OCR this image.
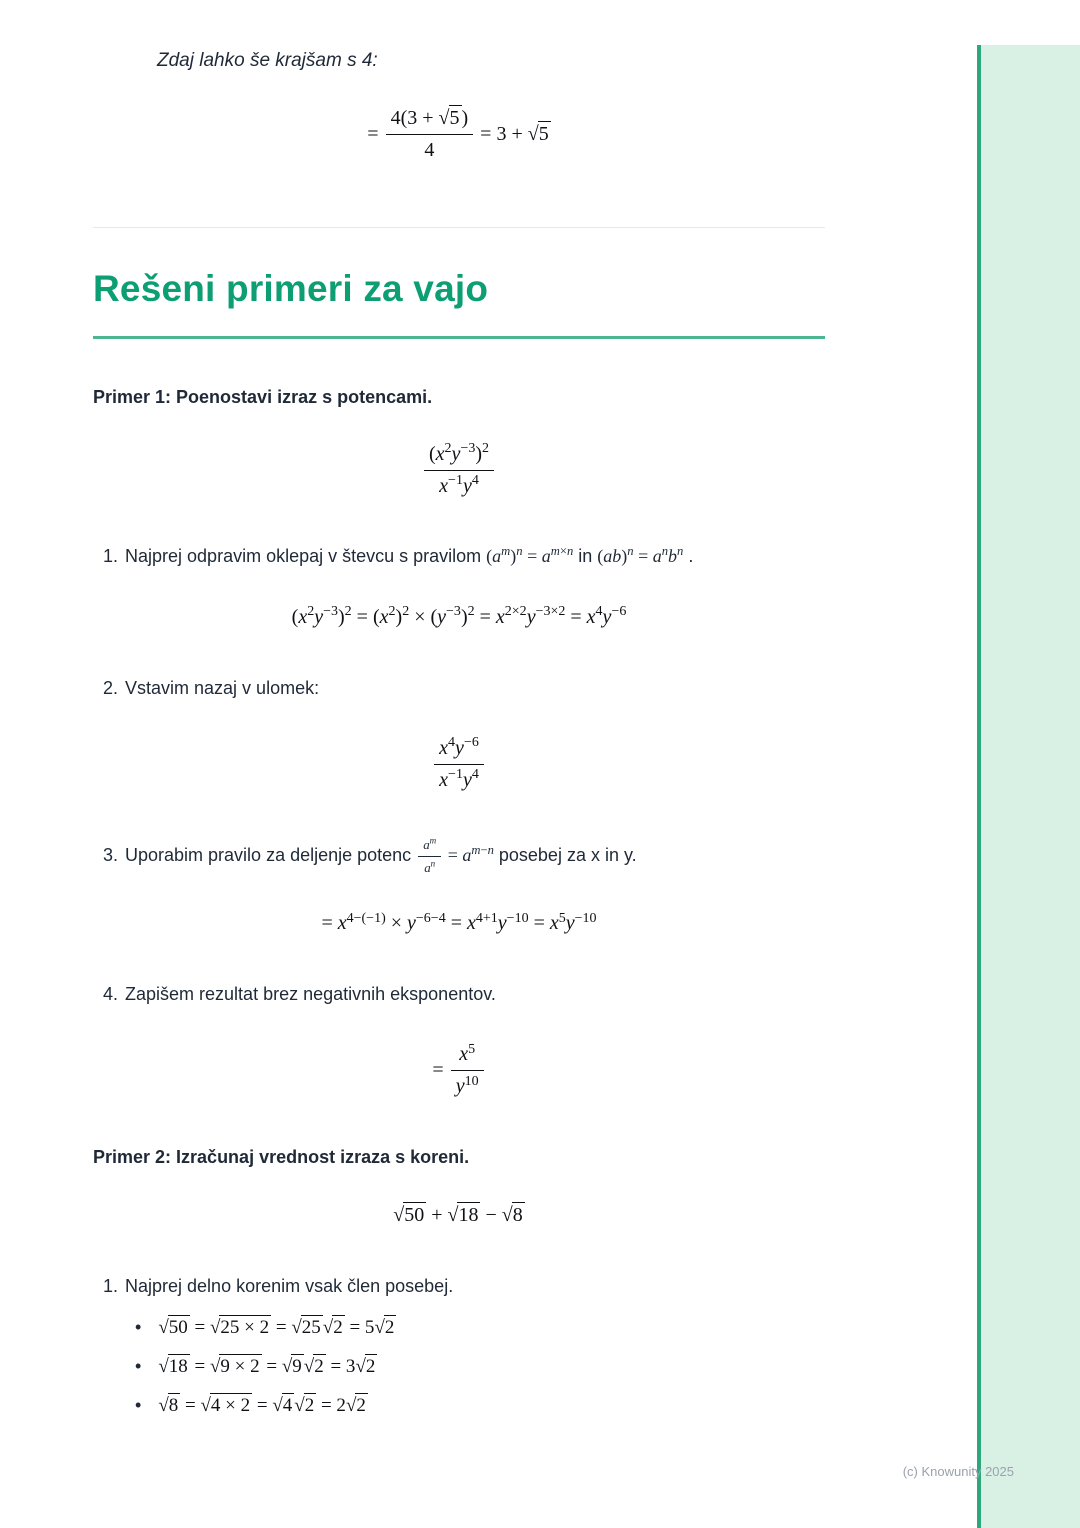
Zdaj lahko še krajšam s 4:

= $\frac{4(3 + √5 )}{4} = 3 + √5$
Rešeni primeri za vajo

Primer 1: Poenostavi izraz s potencami.

$\frac{(x^2y^{-3})^2}{x^{-1}y^4}$
1. Najprej odpravim oklepaj v števcu s pravilom $(a^m)^n = a^{m\times n}$ in $(ab)^n = a^nb^n$ .
$(x^2y^{-3})^2 = (x^2)^2 \times (y^{-3})^2 = x^{2\times 2}y^{-3\times 2} = x^4y^{-6}$
2. Vstavim nazaj v ulomek:
$\frac{x^4y^{-6}}{x^{-1}y^4}$
3. Uporabim pravilo za deljenje potenc $\frac{a^m}{a^n} = a^{m-n}$ posebej za x in y.
= $x^{4-(-1)} \times y^{-6-4} = x^{4+1}y^{-10} = x^5y^{-10}$
4. Zapišem rezultat brez negativnih eksponentov.
= $\frac{x^5}{y^{10}}$

Primer 2: Izračunaj vrednost izraza s koreni.

√50 + √18 − √8
1. Najprej delno korenim vsak člen posebej.
• √50 = √25 × 2 = √25 √2 = 5√2
• √18 = √9 × 2 = √9 √2 = 3√2
• √8 = √4 × 2 = √4 √2 = 2√2
(c) Knowunity 2025
